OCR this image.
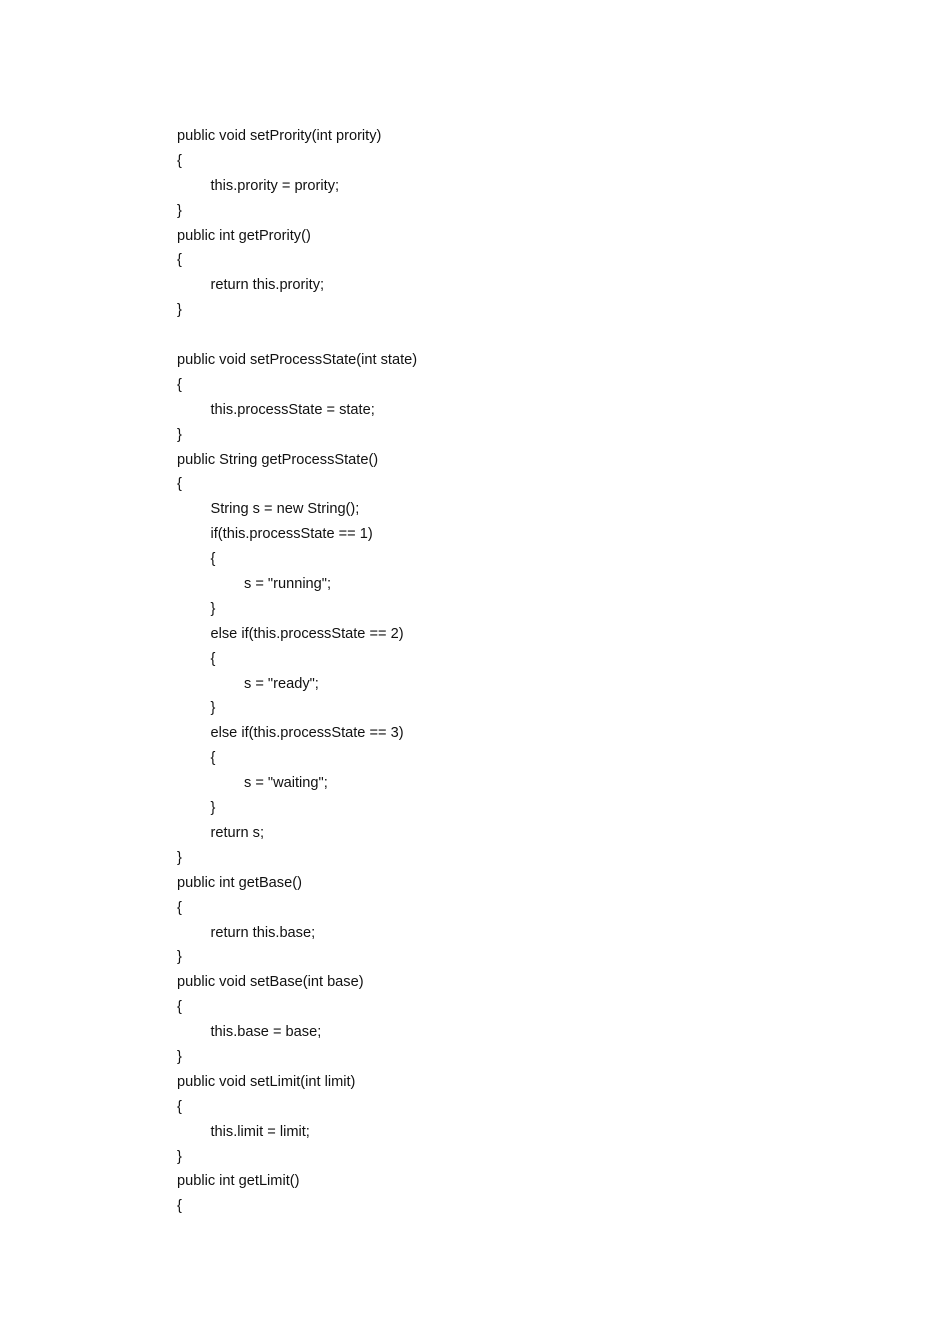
public void setPrority(int prority)
{
this.prority = prority;
}
public int getPrority()
{
return this.prority;
}
public void setProcessState(int state)
{
this.processState = state;
}
public String getProcessState()
{
String s = new String();
if(this.processState == 1)
{
s = "running";
}
else if(this.processState == 2)
{
s = "ready";
}
else if(this.processState == 3)
{
s = "waiting";
}
return s;
}
public int getBase()
{
return this.base;
}
public void setBase(int base)
{
this.base = base;
}
public void setLimit(int limit)
{
this.limit = limit;
}
public int getLimit()
{
